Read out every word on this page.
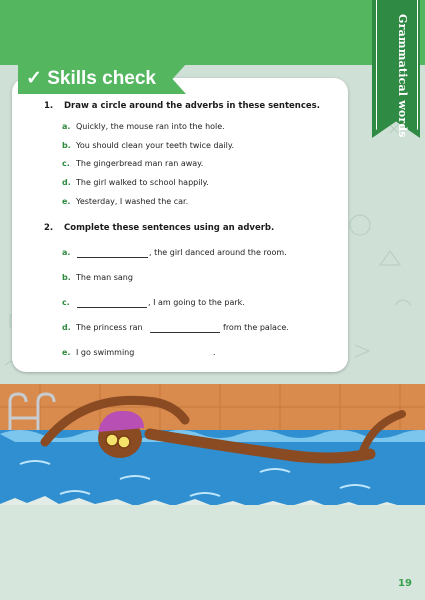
Grammatical words
✓ Skills check
1. Draw a circle around the adverbs in these sentences.
a. Quickly, the mouse ran into the hole.
b. You should clean your teeth twice daily.
c. The gingerbread man ran away.
d. The girl walked to school happily.
e. Yesterday, I washed the car.
2. Complete these sentences using an adverb.
a.	, the girl danced around the room.
b. The man sang
c.	, I am going to the park.
d. The princess ran	from the palace.
e. I go swimming	.
19
